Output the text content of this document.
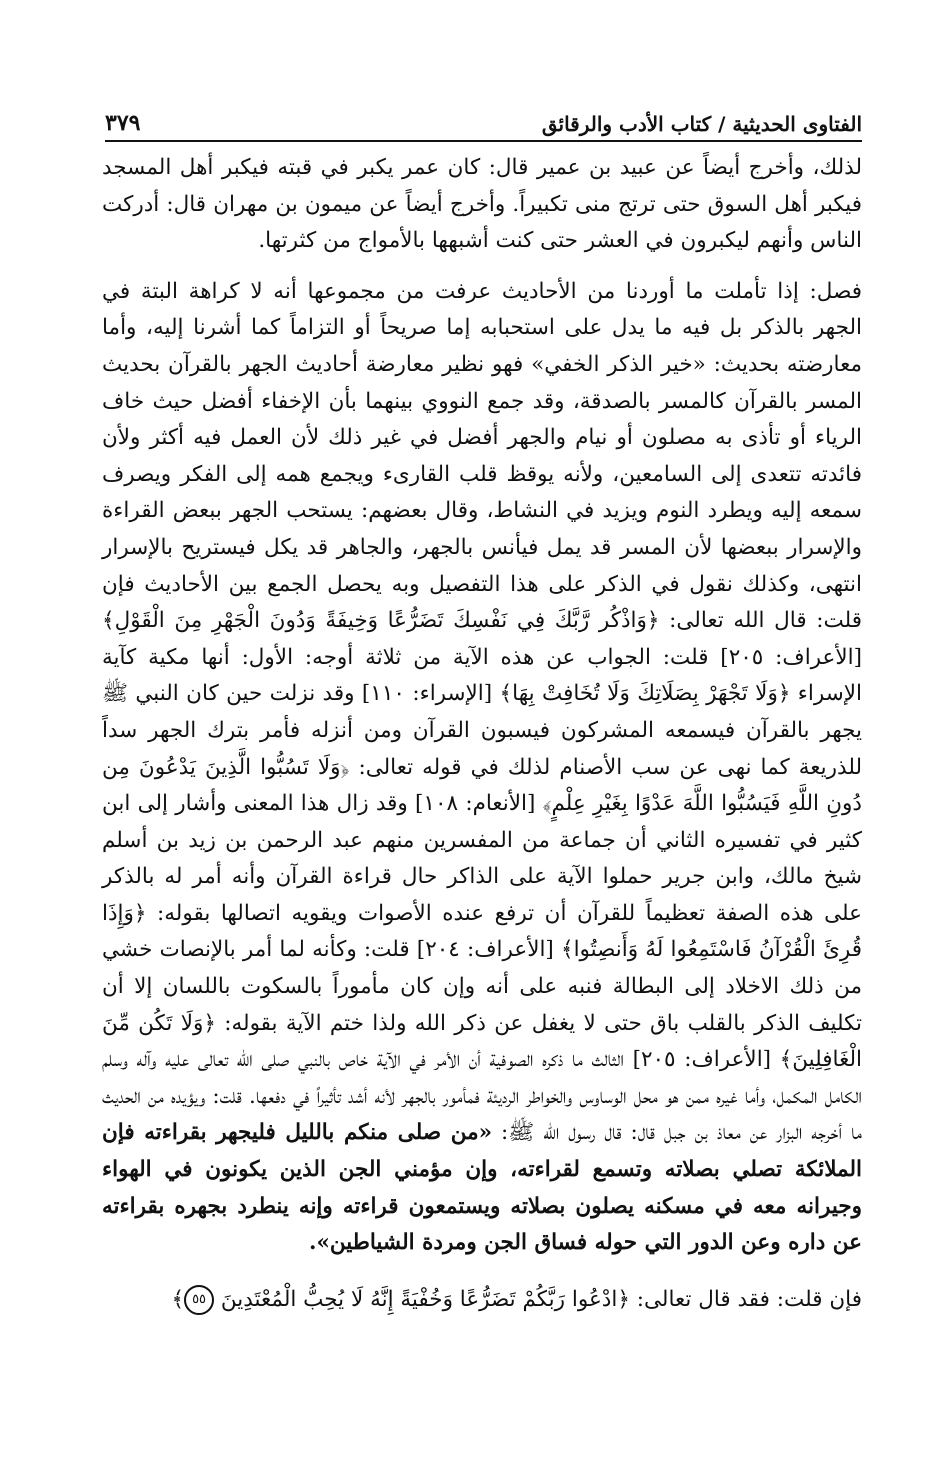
الفتاوى الحديثية / كتاب الأدب والرقائق
٣٧٩

لذلك، وأخرج أيضاً عن عبيد بن عمير قال: كان عمر يكبر في قبته فيكبر أهل المسجد فيكبر أهل السوق حتى ترتج منى تكبيراً. وأخرج أيضاً عن ميمون بن مهران قال: أدركت الناس وأنهم ليكبرون في العشر حتى كنت أشبهها بالأمواج من كثرتها.

فصل: إذا تأملت ما أوردنا من الأحاديث عرفت من مجموعها أنه لا كراهة البتة في الجهر بالذكر بل فيه ما يدل على استحبابه إما صريحاً أو التزاماً كما أشرنا إليه، وأما معارضته بحديث: «خير الذكر الخفي» فهو نظير معارضة أحاديث الجهر بالقرآن بحديث المسر بالقرآن كالمسر بالصدقة، وقد جمع النووي بينهما بأن الإخفاء أفضل حيث خاف الرياء أو تأذى به مصلون أو نيام والجهر أفضل في غير ذلك لأن العمل فيه أكثر ولأن فائدته تتعدى إلى السامعين، ولأنه يوقظ قلب القارىء ويجمع همه إلى الفكر ويصرف سمعه إليه ويطرد النوم ويزيد في النشاط، وقال بعضهم: يستحب الجهر ببعض القراءة والإسرار ببعضها لأن المسر قد يمل فيأنس بالجهر، والجاهر قد يكل فيستريح بالإسرار انتهى، وكذلك نقول في الذكر على هذا التفصيل وبه يحصل الجمع بين الأحاديث فإن قلت: قال الله تعالى: ﴿وَاذْكُر رَّبَّكَ فِي نَفْسِكَ تَضَرُّعًا وَخِيفَةً وَدُونَ الْجَهْرِ مِنَ الْقَوْلِ﴾ [الأعراف: ٢٠٥] قلت: الجواب عن هذه الآية من ثلاثة أوجه: الأول: أنها مكية كآية الإسراء ﴿وَلَا تَجْهَرْ بِصَلَاتِكَ وَلَا تُخَافِتْ بِهَا﴾ [الإسراء: ١١٠] وقد نزلت حين كان النبي ﷺ يجهر بالقرآن فيسمعه المشركون فيسبون القرآن ومن أنزله فأمر بترك الجهر سداً للذريعة كما نهى عن سب الأصنام لذلك في قوله تعالى: ﴿وَلَا تَسُبُّوا الَّذِينَ يَدْعُونَ مِن دُونِ اللَّهِ فَيَسُبُّوا اللَّهَ عَدْوًا بِغَيْرِ عِلْمٍ﴾ [الأنعام: ١٠٨] وقد زال هذا المعنى وأشار إلى ابن كثير في تفسيره الثاني أن جماعة من المفسرين منهم عبد الرحمن بن زيد بن أسلم شيخ مالك، وابن جرير حملوا الآية على الذاكر حال قراءة القرآن وأنه أمر له بالذكر على هذه الصفة تعظيماً للقرآن أن ترفع عنده الأصوات ويقويه اتصالها بقوله: ﴿وَإِذَا قُرِئَ الْقُرْآنُ فَاسْتَمِعُوا لَهُ وَأَنصِتُوا﴾ [الأعراف: ٢٠٤] قلت: وكأنه لما أمر بالإنصات خشي من ذلك الاخلاد إلى البطالة فنبه على أنه وإن كان مأموراً بالسكوت باللسان إلا أن تكليف الذكر بالقلب باق حتى لا يغفل عن ذكر الله ولذا ختم الآية بقوله: ﴿وَلَا تَكُن مِّنَ الْغَافِلِينَ﴾ [الأعراف: ٢٠٥] الثالث ما ذكره الصوفية أن الأمر في الآية خاص بالنبي صلى الله تعالى عليه وآله وسلم الكامل المكمل، وأما غيره ممن هو محل الوساوس والخواطر الرديئة فمأمور بالجهر لأنه أشد تأثيراً في دفعها. قلت: ويؤيده من الحديث ما أخرجه البزار عن معاذ بن جبل قال: قال رسول الله ﷺ: «من صلى منكم بالليل فليجهر بقراءته فإن الملائكة تصلي بصلاته وتسمع لقراءته، وإن مؤمني الجن الذين يكونون في الهواء وجيرانه معه في مسكنه يصلون بصلاته ويستمعون قراءته وإنه ينطرد بجهره بقراءته عن داره وعن الدور التي حوله فساق الجن ومردة الشياطين».

فإن قلت: فقد قال تعالى: ﴿ادْعُوا رَبَّكُمْ تَضَرُّعًا وَخُفْيَةً إِنَّهُ لَا يُحِبُّ الْمُعْتَدِينَ ٥٥﴾
